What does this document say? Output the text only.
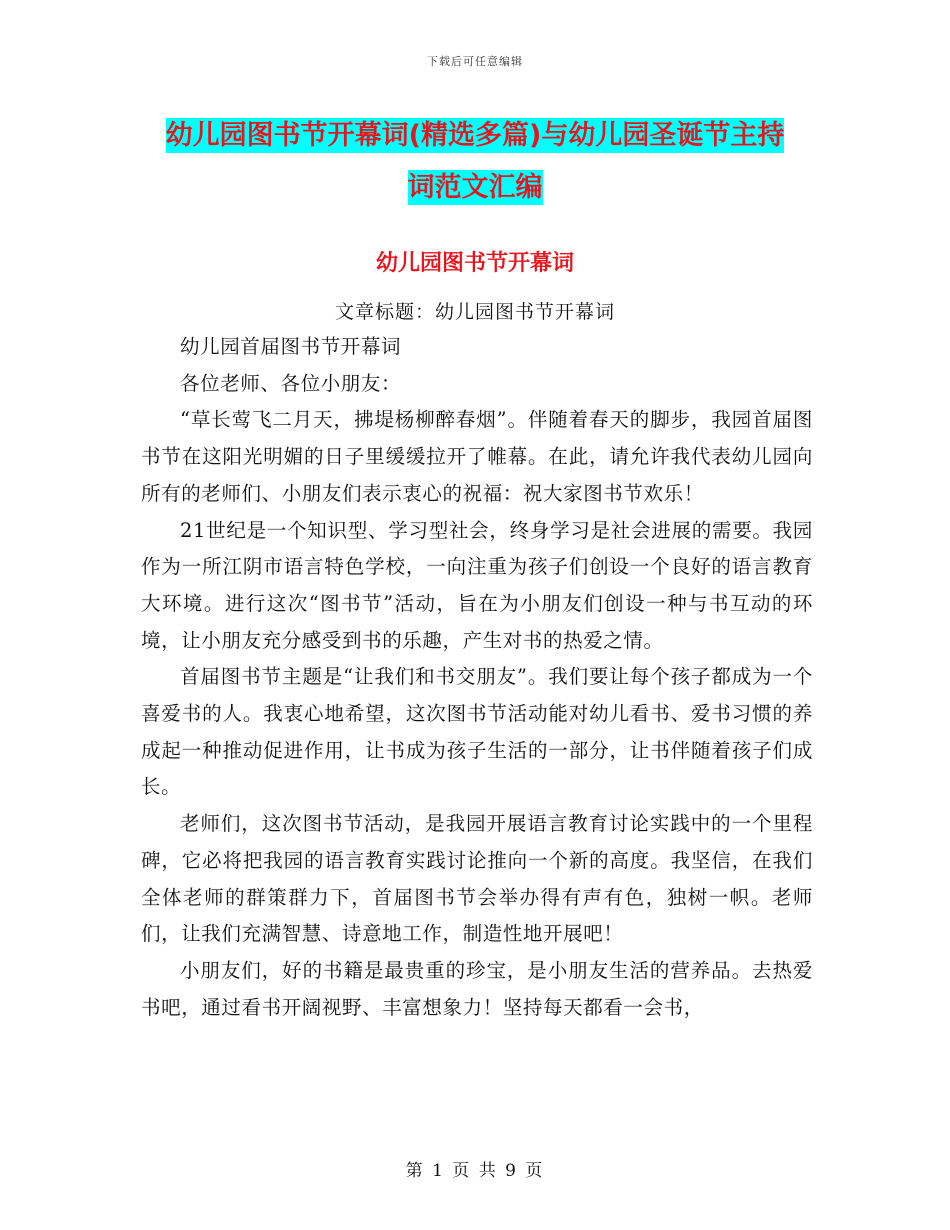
下载后可任意编辑
幼儿园图书节开幕词(精选多篇)与幼儿园圣诞节主持
词范文汇编
幼儿园图书节开幕词
文章标题：幼儿园图书节开幕词

幼儿园首届图书节开幕词

各位老师、各位小朋友：

“草长莺飞二月天，拂堤杨柳醉春烟”。伴随着春天的脚步，我园首届图书节在这阳光明媚的日子里缓缓拉开了帷幕。在此，请允许我代表幼儿园向所有的老师们、小朋友们表示衷心的祝福：祝大家图书节欢乐！

21世纪是一个知识型、学习型社会，终身学习是社会进展的需要。我园作为一所江阴市语言特色学校，一向注重为孩子们创设一个良好的语言教育大环境。进行这次“图书节”活动，旨在为小朋友们创设一种与书互动的环境，让小朋友充分感受到书的乐趣，产生对书的热爱之情。

首届图书节主题是“让我们和书交朋友”。我们要让每个孩子都成为一个喜爱书的人。我衷心地希望，这次图书节活动能对幼儿看书、爱书习惯的养成起一种推动促进作用，让书成为孩子生活的一部分，让书伴随着孩子们成长。

老师们，这次图书节活动，是我园开展语言教育讨论实践中的一个里程碑，它必将把我园的语言教育实践讨论推向一个新的高度。我坚信，在我们全体老师的群策群力下，首届图书节会举办得有声有色，独树一帜。老师们，让我们充满智慧、诗意地工作，制造性地开展吧！

小朋友们，好的书籍是最贵重的珍宝，是小朋友生活的营养品。去热爱书吧，通过看书开阔视野、丰富想象力！坚持每天都看一会书，

第 1 页 共 9 页
